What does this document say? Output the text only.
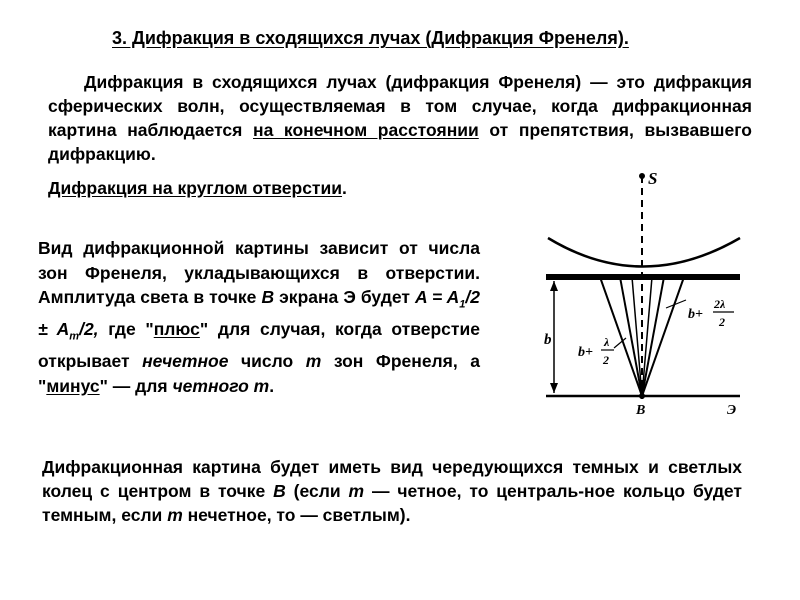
3. Дифракция в сходящихся лучах (Дифракция Френеля).
Дифракция в сходящихся лучах (дифракция Френеля) — это дифракция сферических волн, осуществляемая в том случае, когда дифракционная картина наблюдается на конечном расстоянии от препятствия, вызвавшего дифракцию.
Дифракция на круглом отверстии.
Вид дифракционной картины зависит от числа зон Френеля, укладывающихся в отверстии. Амплитуда света в точке В экрана Э будет $A = A_1/2 \pm A_m/2$, где "плюс" для случая, когда отверстие открывает нечетное число m зон Френеля, а "минус" — для четного m.
Дифракционная картина будет иметь вид чередующихся темных и светлых колец с центром в точке В (если m — четное, то централь-ное кольцо будет темным, если m нечетное, то — светлым).
S
b
B	Э
b+
2λ
2
b+
λ
2
